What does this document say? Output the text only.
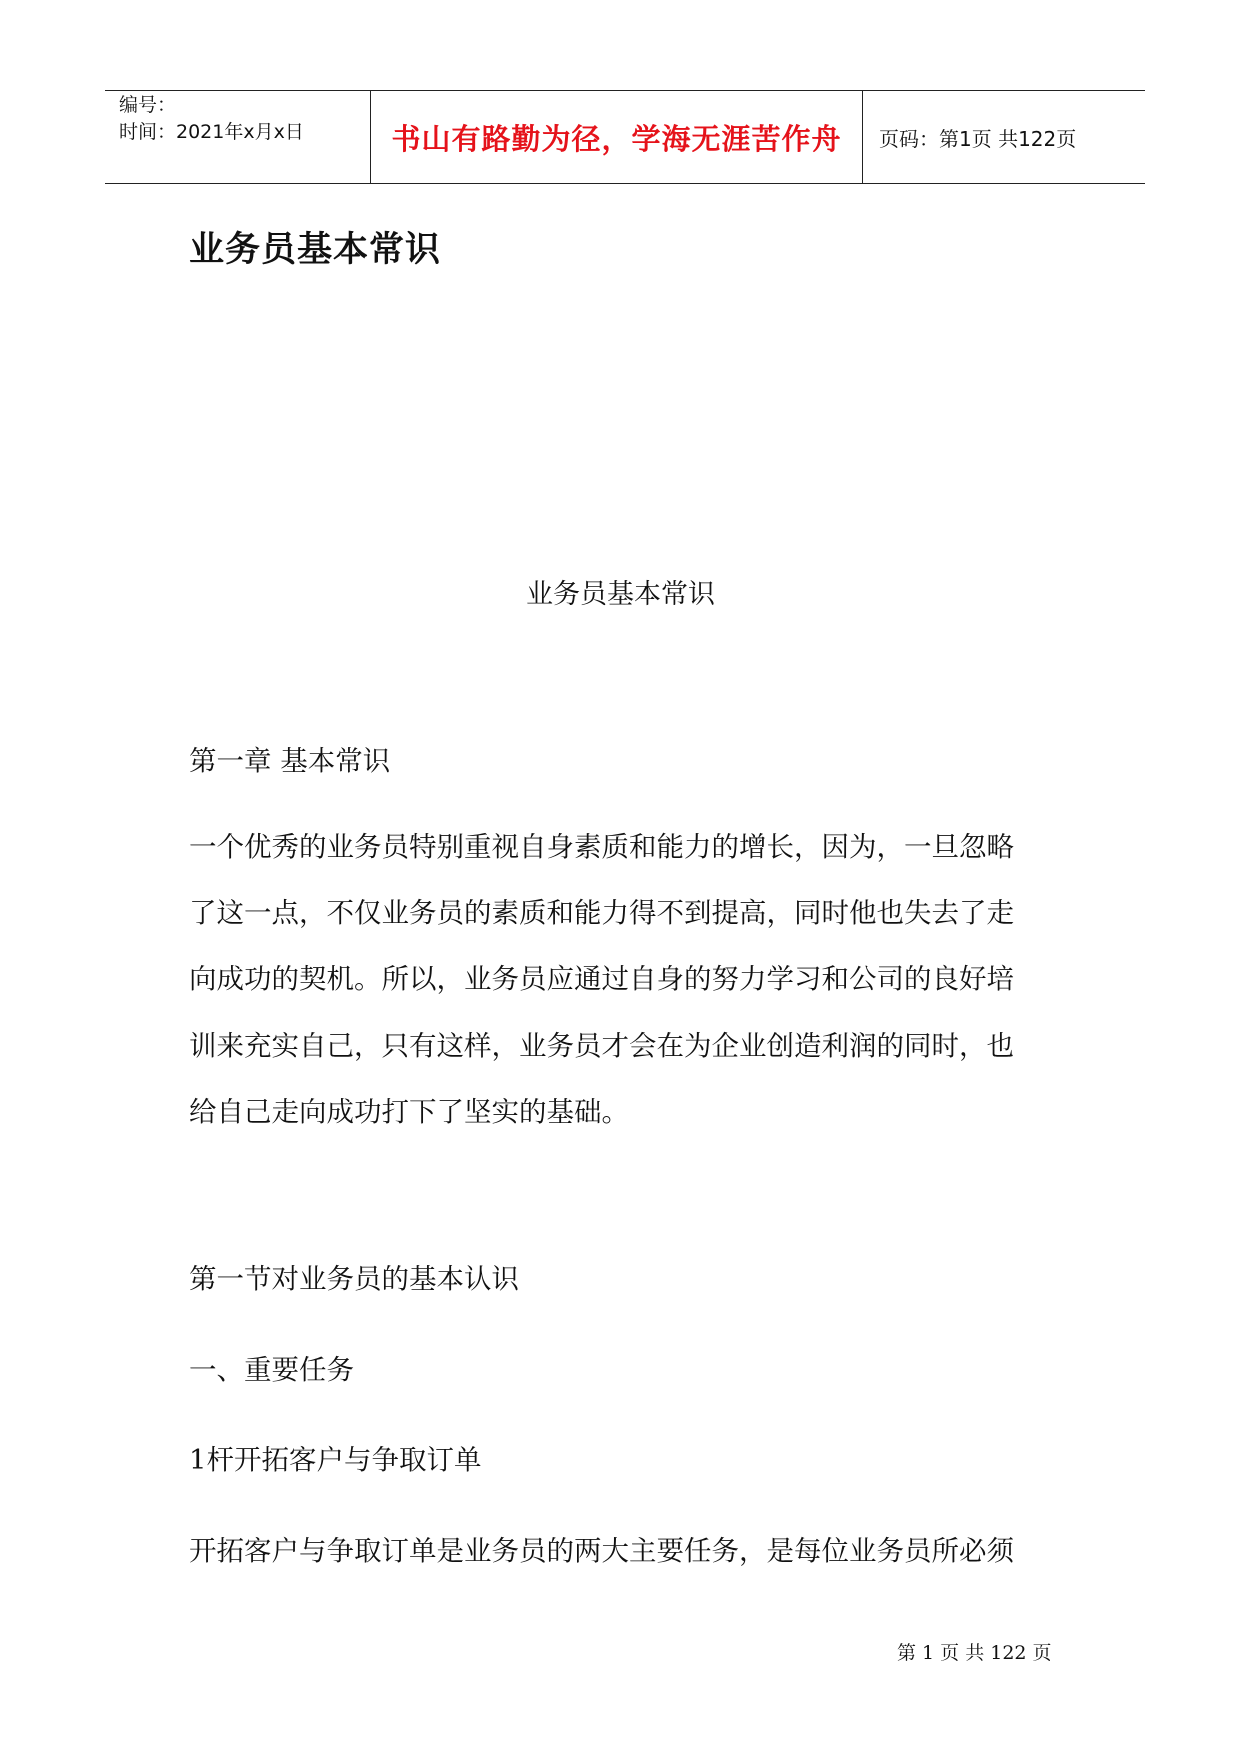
编号：
时间：2021年x月x日	书山有路勤为径，学海无涯苦作舟 页码：第1页 共122页
业务员基本常识
业务员基本常识
第一章 基本常识
一个优秀的业务员特别重视自身素质和能力的增长，因为，一旦忽略
了这一点，不仅业务员的素质和能力得不到提高，同时他也失去了走
向成功的契机。所以，业务员应通过自身的努力学习和公司的良好培
训来充实自己，只有这样，业务员才会在为企业创造利润的同时，也
给自己走向成功打下了坚实的基础。
第一节对业务员的基本认识
一、重要任务
1杆开拓客户与争取订单
开拓客户与争取订单是业务员的两大主要任务，是每位业务员所必须
第 1 页 共 122 页
